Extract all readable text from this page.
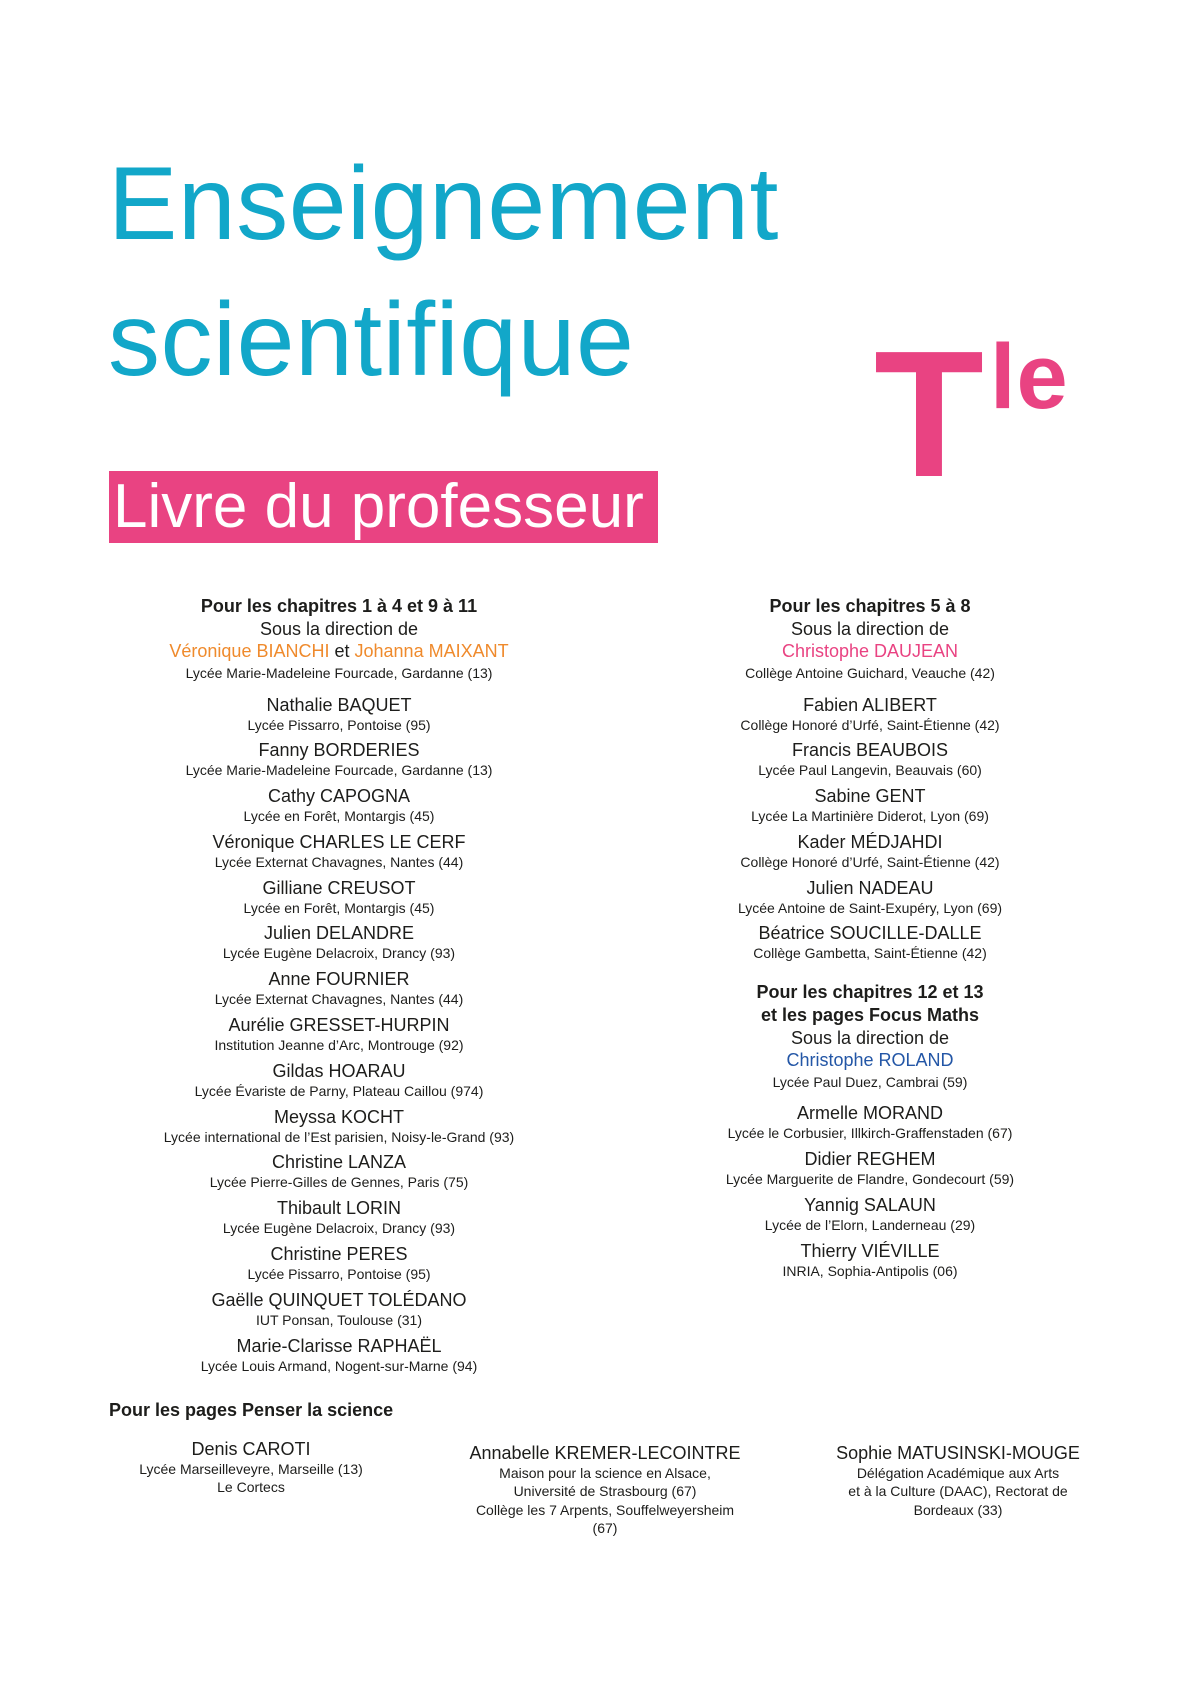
Enseignement
scientifique T le
Livre du professeur
Pour les chapitres 1 à 4 et 9 à 11
Sous la direction de
Véronique BIANCHI et Johanna MAIXANT
Lycée Marie-Madeleine Fourcade, Gardanne (13)
Nathalie BAQUET
Lycée Pissarro, Pontoise (95)
Fanny BORDERIES
Lycée Marie-Madeleine Fourcade, Gardanne (13)
Cathy CAPOGNA
Lycée en Forêt, Montargis (45)
Véronique CHARLES LE CERF
Lycée Externat Chavagnes, Nantes (44)
Gilliane CREUSOT
Lycée en Forêt, Montargis (45)
Julien DELANDRE
Lycée Eugène Delacroix, Drancy (93)
Anne FOURNIER
Lycée Externat Chavagnes, Nantes (44)
Aurélie GRESSET-HURPIN
Institution Jeanne d’Arc, Montrouge (92)
Gildas HOARAU
Lycée Évariste de Parny, Plateau Caillou (974)
Meyssa KOCHT
Lycée international de l’Est parisien, Noisy-le-Grand (93)
Christine LANZA
Lycée Pierre-Gilles de Gennes, Paris (75)
Thibault LORIN
Lycée Eugène Delacroix, Drancy (93)
Christine PERES
Lycée Pissarro, Pontoise (95)
Gaëlle QUINQUET TOLÉDANO
IUT Ponsan, Toulouse (31)
Marie-Clarisse RAPHAËL
Lycée Louis Armand, Nogent-sur-Marne (94)
Pour les chapitres 5 à 8
Sous la direction de
Christophe DAUJEAN
Collège Antoine Guichard, Veauche (42)
Fabien ALIBERT
Collège Honoré d’Urfé, Saint-Étienne (42)
Francis BEAUBOIS
Lycée Paul Langevin, Beauvais (60)
Sabine GENT
Lycée La Martinière Diderot, Lyon (69)
Kader MÉDJAHDI
Collège Honoré d’Urfé, Saint-Étienne (42)
Julien NADEAU
Lycée Antoine de Saint-Exupéry, Lyon (69)
Béatrice SOUCILLE-DALLE
Collège Gambetta, Saint-Étienne (42)
Pour les chapitres 12 et 13
et les pages Focus Maths
Sous la direction de
Christophe ROLAND
Lycée Paul Duez, Cambrai (59)
Armelle MORAND
Lycée le Corbusier, Illkirch-Graffenstaden (67)
Didier REGHEM
Lycée Marguerite de Flandre, Gondecourt (59)
Yannig SALAUN
Lycée de l’Elorn, Landerneau (29)
Thierry VIÉVILLE
INRIA, Sophia-Antipolis (06)
Pour les pages Penser la science
Denis CAROTI
Lycée Marseilleveyre, Marseille (13)
Le Cortecs
Annabelle KREMER-LECOINTRE
Maison pour la science en Alsace,
Université de Strasbourg (67)
Collège les 7 Arpents, Souffelweyersheim
(67)
Sophie MATUSINSKI-MOUGE
Délégation Académique aux Arts
et à la Culture (DAAC), Rectorat de
Bordeaux (33)
